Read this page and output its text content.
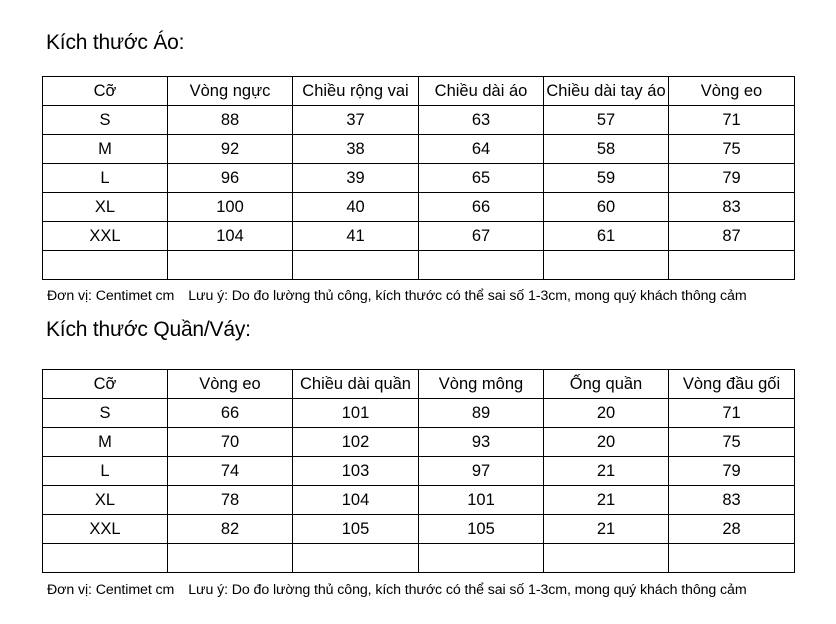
Kích thước Áo:
Cỡ	Vòng ngực	Chiều rộng vai	Chiều dài áo	Chiều dài tay áo	Vòng eo
S	88	37	63	57	71
M	92	38	64	58	75
L	96	39	65	59	79
XL	100	40	66	60	83
XXL	104	41	67	61	87

Đơn vị: Centimet cm Lưu ý: Do đo lường thủ công, kích thước có thể sai số 1-3cm, mong quý khách thông cảm
Kích thước Quần/Váy:
Cỡ	Vòng eo	Chiều dài quần	Vòng mông	Ống quần	Vòng đầu gối
S	66	101	89	20	71
M	70	102	93	20	75
L	74	103	97	21	79
XL	78	104	101	21	83
XXL	82	105	105	21	28

Đơn vị: Centimet cm Lưu ý: Do đo lường thủ công, kích thước có thể sai số 1-3cm, mong quý khách thông cảm
